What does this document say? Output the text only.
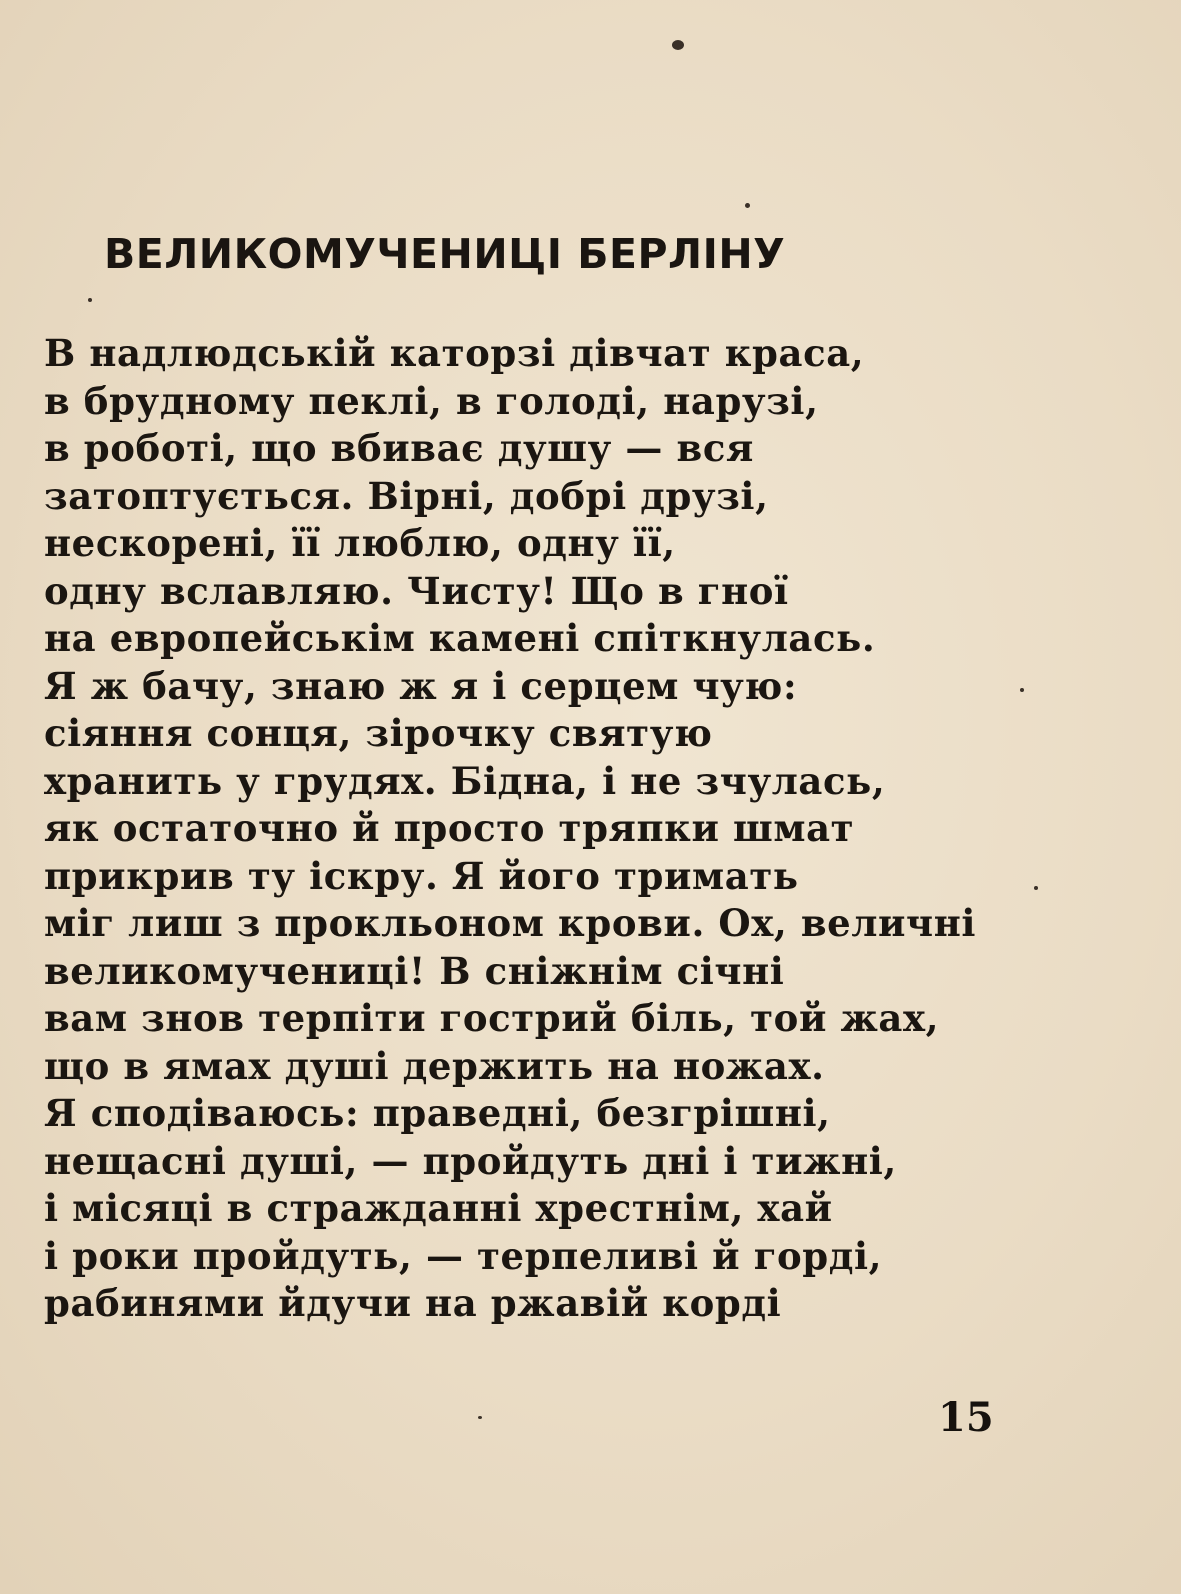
ВЕЛИКОМУЧЕНИЦІ БЕРЛІНУ
В надлюдській каторзі дівчат краса,
в брудному пеклі, в голоді, нарузі,
в роботі, що вбиває душу — вся
затоптується. Вірні, добрі друзі,
нескорені, її люблю, одну її,
одну вславляю. Чисту! Що в гної
на европейськім камені спіткнулась.
Я ж бачу, знаю ж я і серцем чую:
сіяння сонця, зірочку святую
хранить у грудях. Бідна, і не зчулась,
як остаточно й просто тряпки шмат
прикрив ту іскру. Я його тримать
міг лиш з прокльоном крови. Ох, величні
великомучениці! В сніжнім січні
вам знов терпіти гострий біль, той жах,
що в ямах душі держить на ножах.
Я сподіваюсь: праведні, безгрішні,
нещасні душі, — пройдуть дні і тижні,
і місяці в стражданні хрестнім, хай
і роки пройдуть, — терпеливі й горді,
рабинями йдучи на ржавій корді
15
